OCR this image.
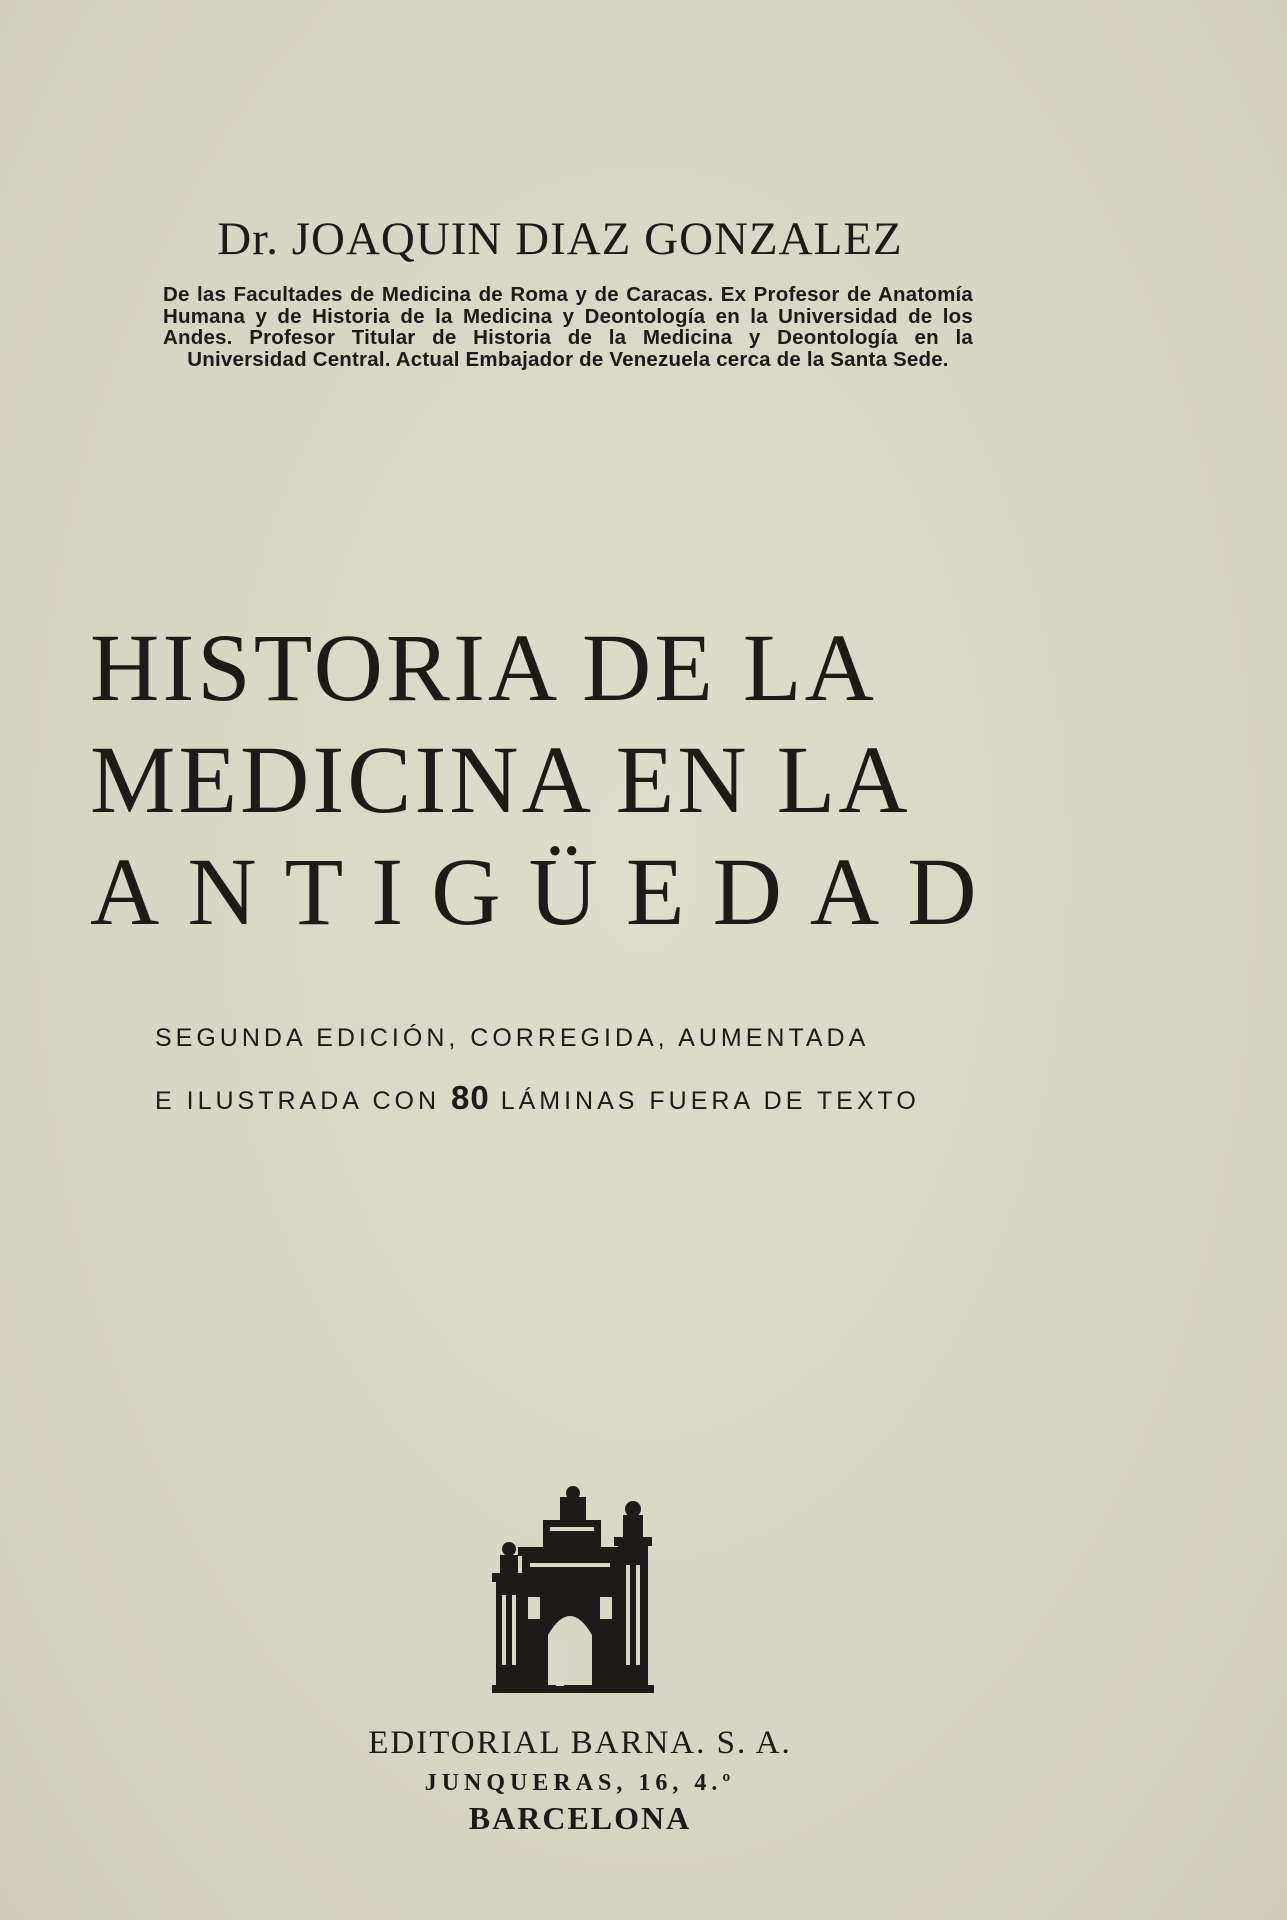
Dr. JOAQUIN DIAZ GONZALEZ
De las Facultades de Medicina de Roma y de Caracas. Ex Profesor de Anatomía Humana y de Historia de la Medicina y Deontología en la Universidad de los Andes. Profesor Titular de Historia de la Medicina y Deontología en la Universidad Central. Actual Embajador de Venezuela cerca de la Santa Sede.
HISTORIA DE LA
MEDICINA EN LA
ANTIGÜEDAD
SEGUNDA EDICIÓN, CORREGIDA, AUMENTADA
E ILUSTRADA CON 80 LÁMINAS FUERA DE TEXTO
EDITORIAL BARNA. S. A.
JUNQUERAS, 16, 4.º
BARCELONA
